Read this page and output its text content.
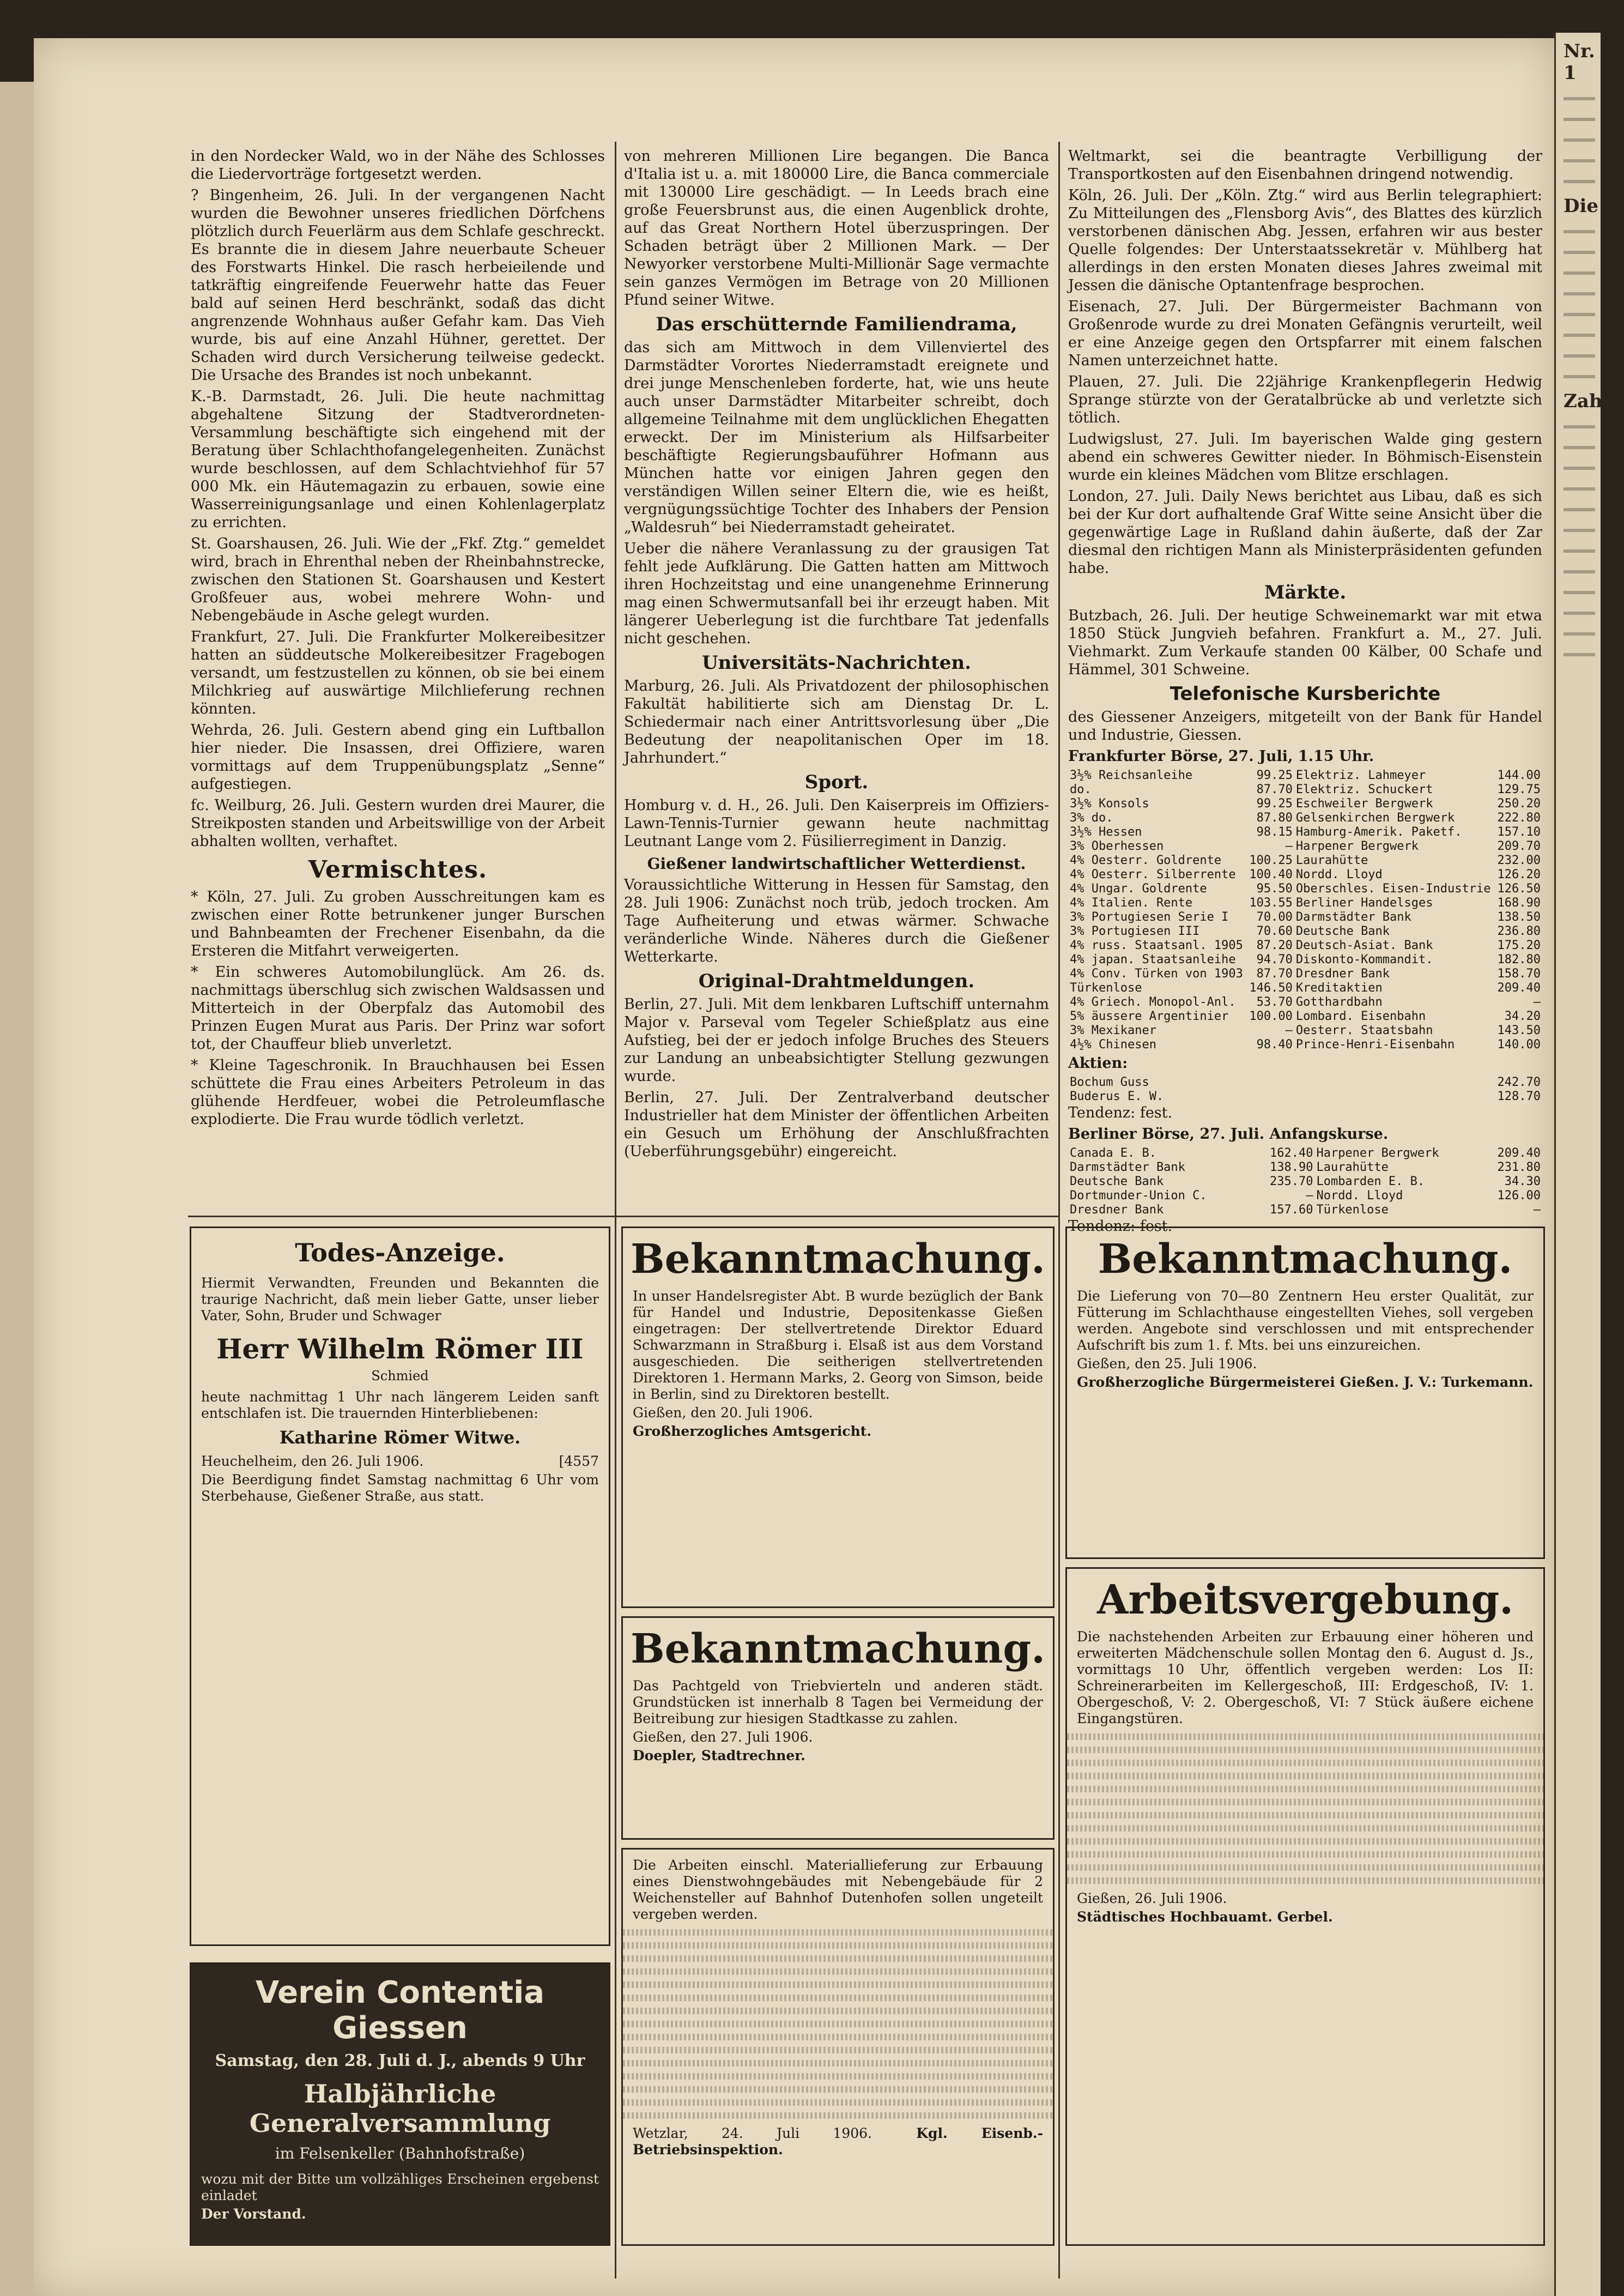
Nr. 1
Die
Zahre

in den Nordecker Wald, wo in der Nähe des Schlosses die Liedervorträge fortgesetzt werden.

? Bingenheim, 26. Juli. In der vergangenen Nacht wurden die Bewohner unseres friedlichen Dörfchens plötzlich durch Feuerlärm aus dem Schlafe geschreckt. Es brannte die in diesem Jahre neuerbaute Scheuer des Forstwarts Hinkel. Die rasch herbeieilende und tatkräftig eingreifende Feuerwehr hatte das Feuer bald auf seinen Herd beschränkt, sodaß das dicht angrenzende Wohnhaus außer Gefahr kam. Das Vieh wurde, bis auf eine Anzahl Hühner, gerettet. Der Schaden wird durch Versicherung teilweise gedeckt. Die Ursache des Brandes ist noch unbekannt.

K.-B. Darmstadt, 26. Juli. Die heute nachmittag abgehaltene Sitzung der Stadtverordneten-Versammlung beschäftigte sich eingehend mit der Beratung über Schlachthofangelegenheiten. Zunächst wurde beschlossen, auf dem Schlachtviehhof für 57 000 Mk. ein Häutemagazin zu erbauen, sowie eine Wasserreinigungsanlage und einen Kohlenlagerplatz zu errichten.

St. Goarshausen, 26. Juli. Wie der „Fkf. Ztg.“ gemeldet wird, brach in Ehrenthal neben der Rheinbahnstrecke, zwischen den Stationen St. Goarshausen und Kestert Großfeuer aus, wobei mehrere Wohn- und Nebengebäude in Asche gelegt wurden.

Frankfurt, 27. Juli. Die Frankfurter Molkereibesitzer hatten an süddeutsche Molkereibesitzer Fragebogen versandt, um festzustellen zu können, ob sie bei einem Milchkrieg auf auswärtige Milchlieferung rechnen könnten.

Wehrda, 26. Juli. Gestern abend ging ein Luftballon hier nieder. Die Insassen, drei Offiziere, waren vormittags auf dem Truppenübungsplatz „Senne“ aufgestiegen.

fc. Weilburg, 26. Juli. Gestern wurden drei Maurer, die Streikposten standen und Arbeitswillige von der Arbeit abhalten wollten, verhaftet.

Vermischtes.

* Köln, 27. Juli. Zu groben Ausschreitungen kam es zwischen einer Rotte betrunkener junger Burschen und Bahnbeamten der Frechener Eisenbahn, da die Ersteren die Mitfahrt verweigerten.

* Ein schweres Automobilunglück. Am 26. ds. nachmittags überschlug sich zwischen Waldsassen und Mitterteich in der Oberpfalz das Automobil des Prinzen Eugen Murat aus Paris. Der Prinz war sofort tot, der Chauffeur blieb unverletzt.

* Kleine Tageschronik. In Brauchhausen bei Essen schüttete die Frau eines Arbeiters Petroleum in das glühende Herdfeuer, wobei die Petroleumflasche explodierte. Die Frau wurde tödlich verletzt.

von mehreren Millionen Lire begangen. Die Banca d'Italia ist u. a. mit 180000 Lire, die Banca commerciale mit 130000 Lire geschädigt. — In Leeds brach eine große Feuersbrunst aus, die einen Augenblick drohte, auf das Great Northern Hotel überzuspringen. Der Schaden beträgt über 2 Millionen Mark. — Der Newyorker verstorbene Multi-Millionär Sage vermachte sein ganzes Vermögen im Betrage von 20 Millionen Pfund seiner Witwe.

Das erschütternde Familiendrama,

das sich am Mittwoch in dem Villenviertel des Darmstädter Vorortes Niederramstadt ereignete und drei junge Menschenleben forderte, hat, wie uns heute auch unser Darmstädter Mitarbeiter schreibt, doch allgemeine Teilnahme mit dem unglücklichen Ehegatten erweckt. Der im Ministerium als Hilfsarbeiter beschäftigte Regierungsbauführer Hofmann aus München hatte vor einigen Jahren gegen den verständigen Willen seiner Eltern die, wie es heißt, vergnügungssüchtige Tochter des Inhabers der Pension „Waldesruh“ bei Niederramstadt geheiratet.

Ueber die nähere Veranlassung zu der grausigen Tat fehlt jede Aufklärung. Die Gatten hatten am Mittwoch ihren Hochzeitstag und eine unangenehme Erinnerung mag einen Schwermutsanfall bei ihr erzeugt haben. Mit längerer Ueberlegung ist die furchtbare Tat jedenfalls nicht geschehen.

Universitäts-Nachrichten.

Marburg, 26. Juli. Als Privatdozent der philosophischen Fakultät habilitierte sich am Dienstag Dr. L. Schiedermair nach einer Antrittsvorlesung über „Die Bedeutung der neapolitanischen Oper im 18. Jahrhundert.“

Sport.

Homburg v. d. H., 26. Juli. Den Kaiserpreis im Offiziers-Lawn-Tennis-Turnier gewann heute nachmittag Leutnant Lange vom 2. Füsilierregiment in Danzig.

Gießener landwirtschaftlicher Wetterdienst.

Voraussichtliche Witterung in Hessen für Samstag, den 28. Juli 1906: Zunächst noch trüb, jedoch trocken. Am Tage Aufheiterung und etwas wärmer. Schwache veränderliche Winde. Näheres durch die Gießener Wetterkarte.

Original-Drahtmeldungen.

Berlin, 27. Juli. Mit dem lenkbaren Luftschiff unternahm Major v. Parseval vom Tegeler Schießplatz aus eine Aufstieg, bei der er jedoch infolge Bruches des Steuers zur Landung an unbeabsichtigter Stellung gezwungen wurde.

Berlin, 27. Juli. Der Zentralverband deutscher Industrieller hat dem Minister der öffentlichen Arbeiten ein Gesuch um Erhöhung der Anschlußfrachten (Ueberführungsgebühr) eingereicht.

Weltmarkt, sei die beantragte Verbilligung der Transportkosten auf den Eisenbahnen dringend notwendig.

Köln, 26. Juli. Der „Köln. Ztg.“ wird aus Berlin telegraphiert: Zu Mitteilungen des „Flensborg Avis“, des Blattes des kürzlich verstorbenen dänischen Abg. Jessen, erfahren wir aus bester Quelle folgendes: Der Unterstaatssekretär v. Mühlberg hat allerdings in den ersten Monaten dieses Jahres zweimal mit Jessen die dänische Optantenfrage besprochen.

Eisenach, 27. Juli. Der Bürgermeister Bachmann von Großenrode wurde zu drei Monaten Gefängnis verurteilt, weil er eine Anzeige gegen den Ortspfarrer mit einem falschen Namen unterzeichnet hatte.

Plauen, 27. Juli. Die 22jährige Krankenpflegerin Hedwig Sprange stürzte von der Geratalbrücke ab und verletzte sich tötlich.

Ludwigslust, 27. Juli. Im bayerischen Walde ging gestern abend ein schweres Gewitter nieder. In Böhmisch-Eisenstein wurde ein kleines Mädchen vom Blitze erschlagen.

London, 27. Juli. Daily News berichtet aus Libau, daß es sich bei der Kur dort aufhaltende Graf Witte seine Ansicht über die gegenwärtige Lage in Rußland dahin äußerte, daß der Zar diesmal den richtigen Mann als Ministerpräsidenten gefunden habe.

Märkte.

Butzbach, 26. Juli. Der heutige Schweinemarkt war mit etwa 1850 Stück Jungvieh befahren. Frankfurt a. M., 27. Juli. Viehmarkt. Zum Verkaufe standen 00 Kälber, 00 Schafe und Hämmel, 301 Schweine.

Telefonische Kursberichte

des Giessener Anzeigers, mitgeteilt von der Bank für Handel und Industrie, Giessen.

Frankfurter Börse, 27. Juli, 1.15 Uhr.

3½% Reichsanleihe	99.25	Elektriz. Lahmeyer	144.00
do.	87.70	Elektriz. Schuckert	129.75
3½% Konsols	99.25	Eschweiler Bergwerk	250.20
3% do.	87.80	Gelsenkirchen Bergwerk	222.80
3½% Hessen	98.15	Hamburg-Amerik. Paketf.	157.10
3% Oberhessen	—	Harpener Bergwerk	209.70
4% Oesterr. Goldrente	100.25	Laurahütte	232.00
4% Oesterr. Silberrente	100.40	Nordd. Lloyd	126.20
4% Ungar. Goldrente	95.50	Oberschles. Eisen-Industrie	126.50
4% Italien. Rente	103.55	Berliner Handelsges	168.90
3% Portugiesen Serie I	70.00	Darmstädter Bank	138.50
3% Portugiesen III	70.60	Deutsche Bank	236.80
4% russ. Staatsanl. 1905	87.20	Deutsch-Asiat. Bank	175.20
4% japan. Staatsanleihe	94.70	Diskonto-Kommandit.	182.80
4% Conv. Türken von 1903	87.70	Dresdner Bank	158.70
Türkenlose	146.50	Kreditaktien	209.40
4% Griech. Monopol-Anl.	53.70	Gotthardbahn	—
5% äussere Argentinier	100.00	Lombard. Eisenbahn	34.20
3% Mexikaner	—	Oesterr. Staatsbahn	143.50
4½% Chinesen	98.40	Prince-Henri-Eisenbahn	140.00

Aktien:

Bochum Guss	242.70
Buderus E. W.	128.70

Tendenz: fest.

Berliner Börse, 27. Juli. Anfangskurse.

Canada E. B.	162.40	Harpener Bergwerk	209.40
Darmstädter Bank	138.90	Laurahütte	231.80
Deutsche Bank	235.70	Lombarden E. B.	34.30
Dortmunder-Union C.	—	Nordd. Lloyd	126.00
Dresdner Bank	157.60	Türkenlose	—

Tendenz: fest.

Todes-Anzeige.

Hiermit Verwandten, Freunden und Bekannten die traurige Nachricht, daß mein lieber Gatte, unser lieber Vater, Sohn, Bruder und Schwager

Herr Wilhelm Römer III
Schmied

heute nachmittag 1 Uhr nach längerem Leiden sanft entschlafen ist. Die trauernden Hinterbliebenen:

Katharine Römer Witwe.

Heuchelheim, den 26. Juli 1906.	[4557

Die Beerdigung findet Samstag nachmittag 6 Uhr vom Sterbehause, Gießener Straße, aus statt.

Verein Contentia Giessen
Samstag, den 28. Juli d. J., abends 9 Uhr
Halbjährliche Generalversammlung
im Felsenkeller (Bahnhofstraße)

wozu mit der Bitte um vollzähliges Erscheinen ergebenst einladet

Der Vorstand.

Bekanntmachung.

In unser Handelsregister Abt. B wurde bezüglich der Bank für Handel und Industrie, Depositenkasse Gießen eingetragen: Der stellvertretende Direktor Eduard Schwarzmann in Straßburg i. Elsaß ist aus dem Vorstand ausgeschieden. Die seitherigen stellvertretenden Direktoren 1. Hermann Marks, 2. Georg von Simson, beide in Berlin, sind zu Direktoren bestellt.

Gießen, den 20. Juli 1906.

Großherzogliches Amtsgericht.

Bekanntmachung.

Das Pachtgeld von Triebvierteln und anderen städt. Grundstücken ist innerhalb 8 Tagen bei Vermeidung der Beitreibung zur hiesigen Stadtkasse zu zahlen.

Gießen, den 27. Juli 1906.

Doepler, Stadtrechner.

Die Arbeiten einschl. Materiallieferung zur Erbauung eines Dienstwohngebäudes mit Nebengebäude für 2 Weichensteller auf Bahnhof Dutenhofen sollen ungeteilt vergeben werden.

Wetzlar, 24. Juli 1906.	Kgl. Eisenb.-Betriebsinspektion.

Bekanntmachung.

Die Lieferung von 70—80 Zentnern Heu erster Qualität, zur Fütterung im Schlachthause eingestellten Viehes, soll vergeben werden. Angebote sind verschlossen und mit entsprechender Aufschrift bis zum 1. f. Mts. bei uns einzureichen.

Gießen, den 25. Juli 1906.

Großherzogliche Bürgermeisterei Gießen. J. V.: Turkemann.

Arbeitsvergebung.

Die nachstehenden Arbeiten zur Erbauung einer höheren und erweiterten Mädchenschule sollen Montag den 6. August d. Js., vormittags 10 Uhr, öffentlich vergeben werden: Los II: Schreinerarbeiten im Kellergeschoß, III: Erdgeschoß, IV: 1. Obergeschoß, V: 2. Obergeschoß, VI: 7 Stück äußere eichene Eingangstüren.

Gießen, 26. Juli 1906.

Städtisches Hochbauamt. Gerbel.
